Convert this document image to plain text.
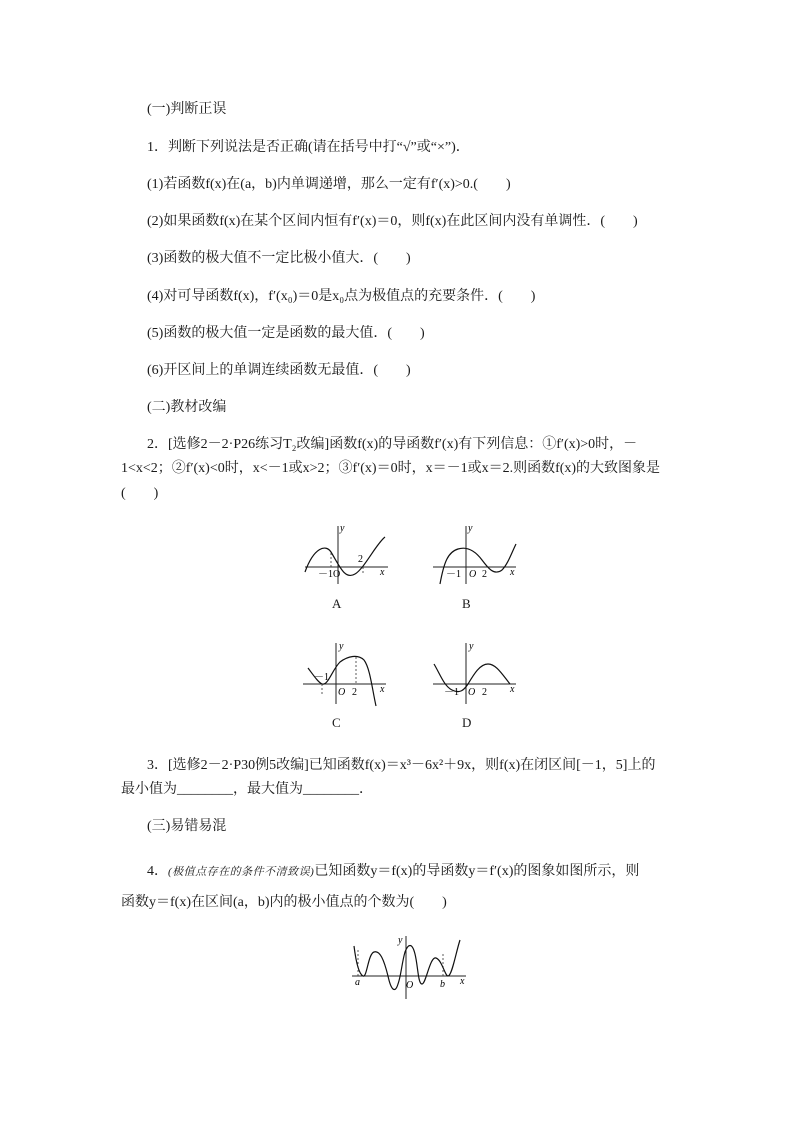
(一)判断正误
1．判断下列说法是否正确(请在括号中打“√”或“×”)．
(1)若函数f(x)在(a，b)内单调递增，那么一定有f′(x)>0.(　　)
(2)如果函数f(x)在某个区间内恒有f′(x)＝0，则f(x)在此区间内没有单调性．(　　)
(3)函数的极大值不一定比极小值大．(　　)
(4)对可导函数f(x)，f′(x₀)＝0是x₀点为极值点的充要条件．(　　)
(5)函数的极大值一定是函数的最大值．(　　)
(6)开区间上的单调连续函数无最值．(　　)
(二)教材改编
2．[选修2－2·P26练习T₂改编]函数f(x)的导函数f′(x)有下列信息：①f′(x)>0时，－
1<x<2；②f′(x)<0时，x<－1或x>2；③f′(x)＝0时，x＝－1或x＝2.则函数f(x)的大致图象是
(　　)
y
x
－1O
2
A
y
x
－1 O 2
B
y
x
－1
O 2
C
y
x
－1 O 2
D
3．[选修2－2·P30例5改编]已知函数f(x)＝x³－6x²＋9x，则f(x)在闭区间[－1，5]上的
最小值为________，最大值为________．
(三)易错易混
4．(极值点存在的条件不清致误)已知函数y＝f(x)的导函数y＝f′(x)的图象如图所示，则
函数y＝f(x)在区间(a，b)内的极小值点的个数为(　　)
y
x
a	O	b
